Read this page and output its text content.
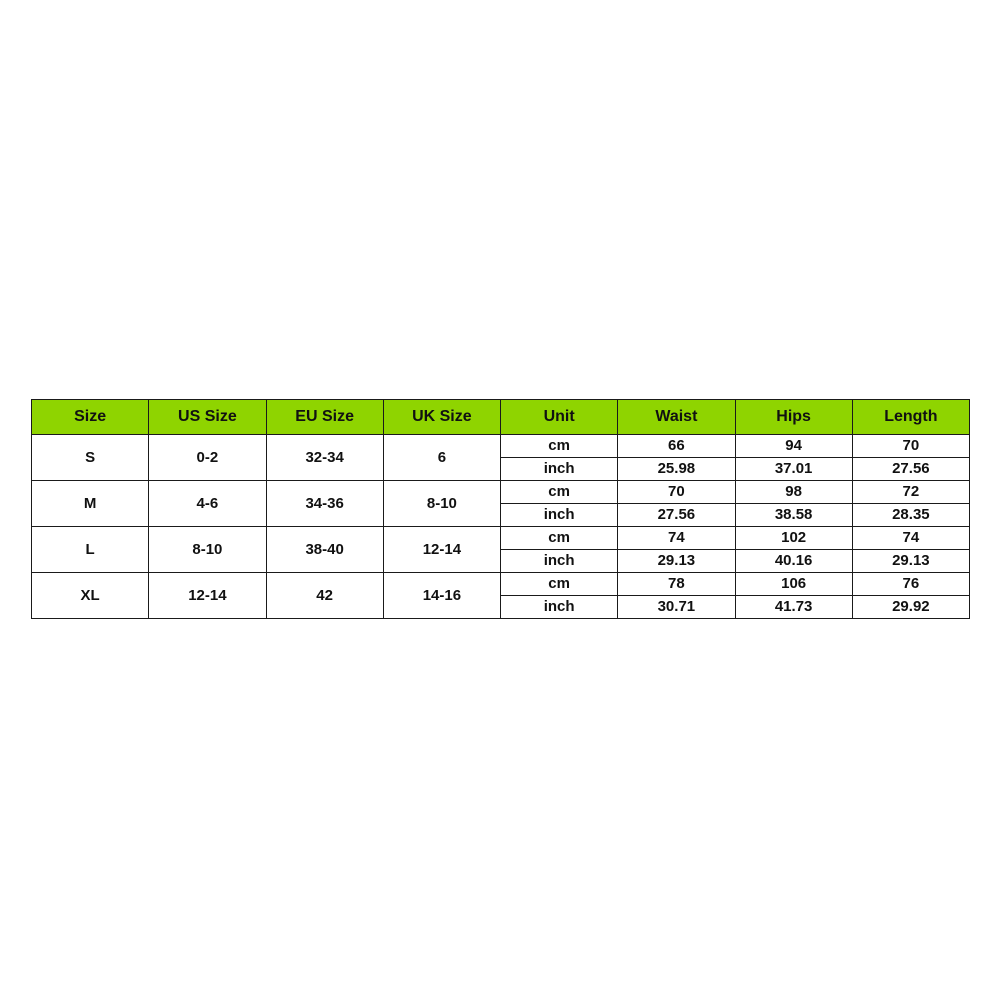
Size	US Size	EU Size	UK Size	Unit	Waist	Hips	Length
S	0-2	32-34	6	cm	66	94	70
				inch	25.98	37.01	27.56
M	4-6	34-36	8-10	cm	70	98	72
				inch	27.56	38.58	28.35
L	8-10	38-40	12-14	cm	74	102	74
				inch	29.13	40.16	29.13
XL	12-14	42	14-16	cm	78	106	76
				inch	30.71	41.73	29.92
